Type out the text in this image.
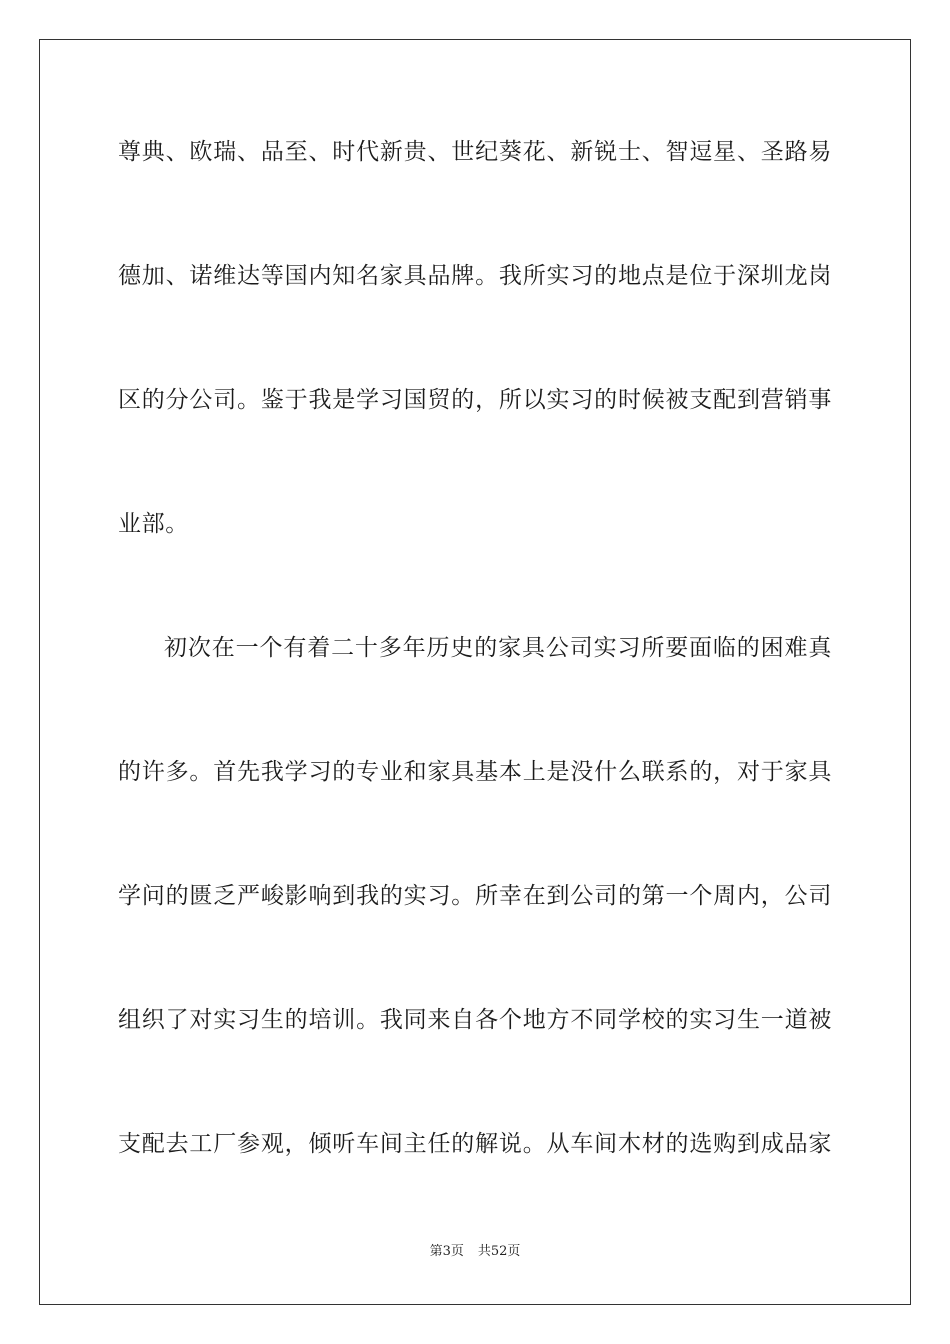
尊典、欧瑞、品至、时代新贵、世纪葵花、新锐士、智逗星、圣路易
德加、诺维达等国内知名家具品牌。我所实习的地点是位于深圳龙岗
区的分公司。鉴于我是学习国贸的，所以实习的时候被支配到营销事
业部。
初次在一个有着二十多年历史的家具公司实习所要面临的困难真
的许多。首先我学习的专业和家具基本上是没什么联系的，对于家具
学问的匮乏严峻影响到我的实习。所幸在到公司的第一个周内，公司
组织了对实习生的培训。我同来自各个地方不同学校的实习生一道被
支配去工厂参观，倾听车间主任的解说。从车间木材的选购到成品家
第3页 共52页
